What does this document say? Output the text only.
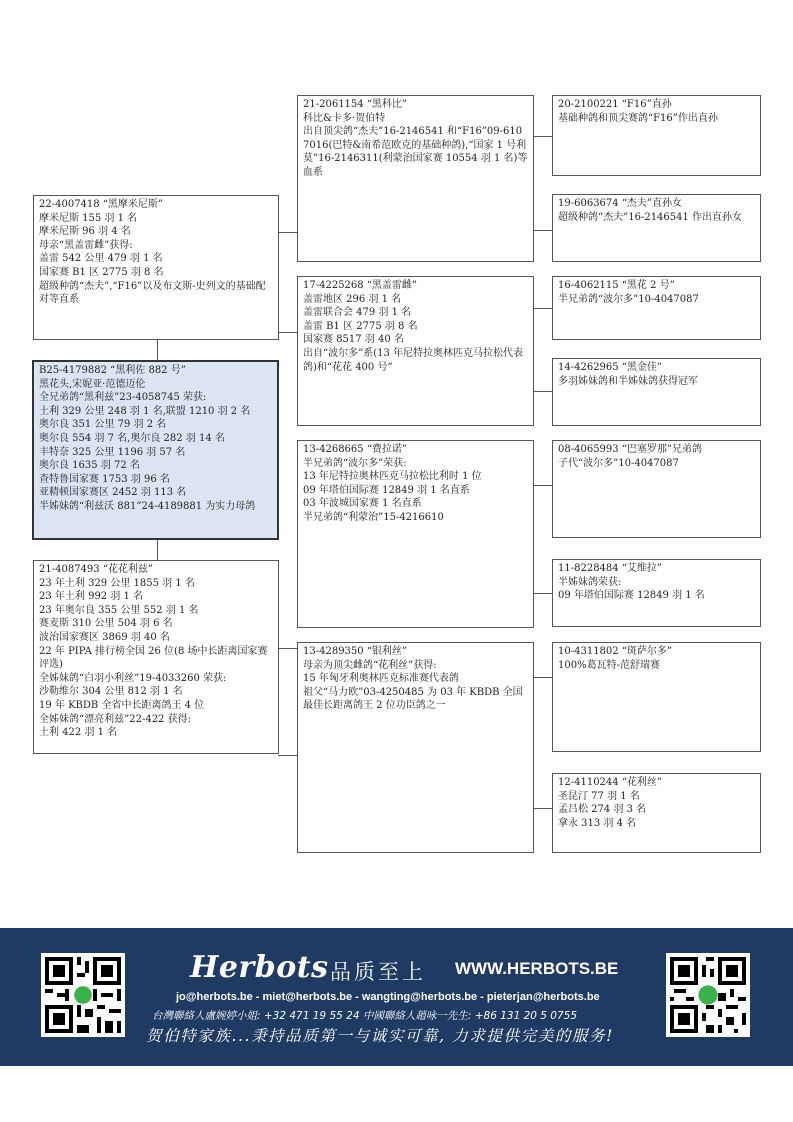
22-4007418 “黑摩米尼斯”
摩米尼斯 155 羽 1 名
摩米尼斯 96 羽 4 名
母亲“黑盖雷雌”获得:
盖雷 542 公里 479 羽 1 名
国家赛 B1 区 2775 羽 8 名
超级种鸽“杰夫”,“F16”以及布文斯-史列文的基础配对等直系
B25-4179882 “黑利佐 882 号”
黑花头,宋妮亚·范德迈伦
全兄弟鸽“黑利兹”23-4058745 荣获:
土利 329 公里 248 羽 1 名,联盟 1210 羽 2 名
奥尔良 351 公里 79 羽 2 名
奥尔良 554 羽 7 名,奥尔良 282 羽 14 名
丰特奈 325 公里 1196 羽 57 名
奥尔良 1635 羽 72 名
查特鲁国家赛 1753 羽 96 名
亚精顿国家赛区 2452 羽 113 名
半姊妹鸽“利兹沃 881”24-4189881 为实力母鸽
21-4087493 “花花利兹”
23 年土利 329 公里 1855 羽 1 名
23 年土利 992 羽 1 名
23 年奥尔良 355 公里 552 羽 1 名
赛麦斯 310 公里 504 羽 6 名
波治国家赛区 3869 羽 40 名
22 年 PIPA 排行榜全国 26 位(8 场中长距离国家赛评选)
全姊妹鸽“白羽小利丝”19-4033260 荣获:
沙勒维尔 304 公里 812 羽 1 名
19 年 KBDB 全省中长距离鸽王 4 位
全姊妹鸽“漂亮利兹”22-422 获得:
土利 422 羽 1 名
21-2061154 “黑科比”
科比&卡多·贺伯特
出自顶尖鸽“杰夫”16-2146541 和“F16”09-6107016(巴特&南希范欧克的基础种鸽),“国家 1 号利莫”16-2146311(利蒙治国家赛 10554 羽 1 名)等血系
17-4225268 “黑盖雷雌”
盖雷地区 296 羽 1 名
盖雷联合会 479 羽 1 名
盖雷 B1 区 2775 羽 8 名
国家赛 8517 羽 40 名
出自“波尔多”系(13 年尼特拉奥林匹克马拉松代表鸽)和“花花 400 号”
13-4268665 “费拉诺”
半兄弟鸽“波尔多”荣获:
13 年尼特拉奥林匹克马拉松比利时 1 位
09 年塔伯国际赛 12849 羽 1 名直系
03 年波城国家赛 1 名直系
半兄弟鸽“利蒙治”15-4216610
13-4289350 “银利丝”
母亲为顶尖雌鸽“花利丝”获得:
15 年匈牙利奥林匹克标准赛代表鸽
祖父“马力欧”03-4250485 为 03 年 KBDB 全国最佳长距离鸽王 2 位功臣鸽之一
20-2100221 “F16”直孙
基础种鸽和顶尖赛鸽“F16”作出直孙
19-6063674 “杰夫”直孙女
超级种鸽“杰夫”16-2146541 作出直孙女
16-4062115 “黑花 2 号”
半兄弟鸽“波尔多”10-4047087
14-4262965 “黑金佳”
多羽姊妹鸽和半姊妹鸽获得冠军
08-4065993 “巴塞罗那”兄弟鸽
子代“波尔多”10-4047087
11-8228484 “艾维拉”
半姊妹鸽荣获:
09 年塔伯国际赛 12849 羽 1 名
10-4311802 “斑萨尔多”
100%葛瓦特-范舒瑞赛
12-4110244 “花利丝”
圣昆汀 77 羽 1 名
孟吕松 274 羽 3 名
拿永 313 羽 4 名
Herbots 品质至上 WWW.HERBOTS.BE
jo@herbots.be - miet@herbots.be - wangting@herbots.be - pieterjan@herbots.be
台灣聯絡人盧婉婷小姐: +32 471 19 55 24 中國聯絡人趙咏一先生: +86 131 20 5 0755
贺伯特家族...秉持品质第一与诚实可靠, 力求提供完美的服务!
